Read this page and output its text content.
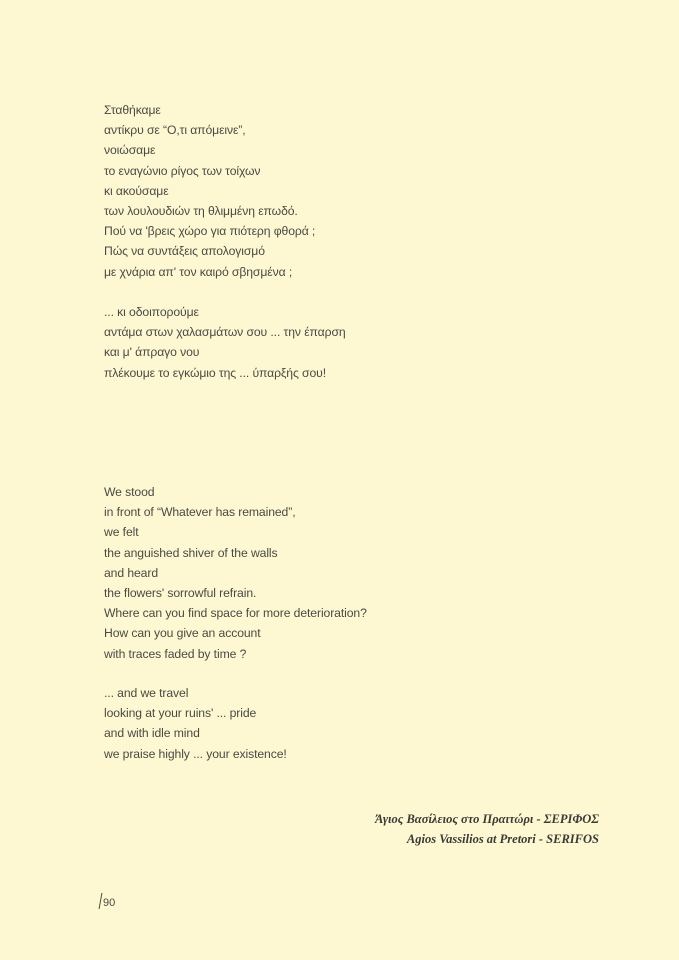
Σταθήκαμε
αντίκρυ σε “Ο,τι απόμεινε”,
νοιώσαμε
το εναγώνιο ρίγος των τοίχων
κι ακούσαμε
των λουλουδιών τη θλιμμένη επωδό.
Πού να 'βρεις χώρο για πιότερη φθορά ;
Πώς να συντάξεις απολογισμό
με χνάρια απ' τον καιρό σβησμένα ;
... κι οδοιπορούμε
αντάμα στων χαλασμάτων σου ... την έπαρση
και μ' άπραγο νου
πλέκουμε το εγκώμιο της ... ύπαρξής σου!
We stood
in front of “Whatever has remained”,
we felt
the anguished shiver of the walls
and heard
the flowers' sorrowful refrain.
Where can you find space for more deterioration?
How can you give an account
with traces faded by time ?
... and we travel
looking at your ruins' ... pride
and with idle mind
we praise highly ... your existence!
Άγιος Βασίλειος στο Πραιτώρι - ΣΕΡΙΦΟΣ
Agios Vassilios at Pretori - SERIFOS
90
